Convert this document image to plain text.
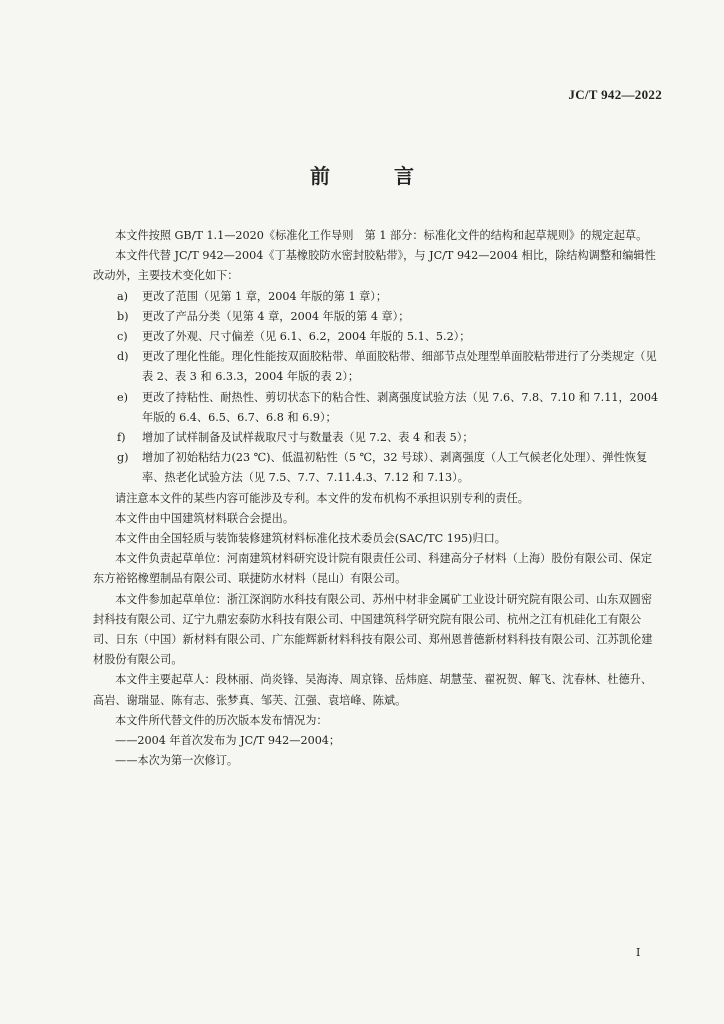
JC/T 942—2022
前　言

本文件按照 GB/T 1.1—2020《标准化工作导则　第 1 部分：标准化文件的结构和起草规则》的规定起草。

本文件代替 JC/T 942—2004《丁基橡胶防水密封胶粘带》，与 JC/T 942—2004 相比，除结构调整和编辑性改动外，主要技术变化如下：

a) 更改了范围（见第 1 章，2004 年版的第 1 章）；
b) 更改了产品分类（见第 4 章，2004 年版的第 4 章）；
c) 更改了外观、尺寸偏差（见 6.1、6.2，2004 年版的 5.1、5.2）；
d) 更改了理化性能。理化性能按双面胶粘带、单面胶粘带、细部节点处理型单面胶粘带进行了分类规定（见表 2、表 3 和 6.3.3，2004 年版的表 2）；
e) 更改了持粘性、耐热性、剪切状态下的粘合性、剥离强度试验方法（见 7.6、7.8、7.10 和 7.11，2004 年版的 6.4、6.5、6.7、6.8 和 6.9）；
f) 增加了试样制备及试样裁取尺寸与数量表（见 7.2、表 4 和表 5）；
g) 增加了初始粘结力(23 ℃)、低温初粘性（5 ℃，32 号球）、剥离强度（人工气候老化处理）、弹性恢复率、热老化试验方法（见 7.5、7.7、7.11.4.3、7.12 和 7.13）。

请注意本文件的某些内容可能涉及专利。本文件的发布机构不承担识别专利的责任。

本文件由中国建筑材料联合会提出。

本文件由全国轻质与装饰装修建筑材料标准化技术委员会(SAC/TC 195)归口。

本文件负责起草单位：河南建筑材料研究设计院有限责任公司、科建高分子材料（上海）股份有限公司、保定东方裕铭橡塑制品有限公司、联捷防水材料（昆山）有限公司。

本文件参加起草单位：浙江深润防水科技有限公司、苏州中材非金属矿工业设计研究院有限公司、山东双圆密封科技有限公司、辽宁九鼎宏泰防水科技有限公司、中国建筑科学研究院有限公司、杭州之江有机硅化工有限公司、日东（中国）新材料有限公司、广东能辉新材料科技有限公司、郑州恩普德新材料科技有限公司、江苏凯伦建材股份有限公司。

本文件主要起草人：段林丽、尚炎锋、吴海涛、周京锋、岳炜庭、胡慧莹、翟祝贺、解飞、沈春林、杜德升、高岩、谢瑞显、陈有志、张梦真、邹芙、江强、袁培峰、陈斌。

本文件所代替文件的历次版本发布情况为：

——2004 年首次发布为 JC/T 942—2004；

——本次为第一次修订。

I
